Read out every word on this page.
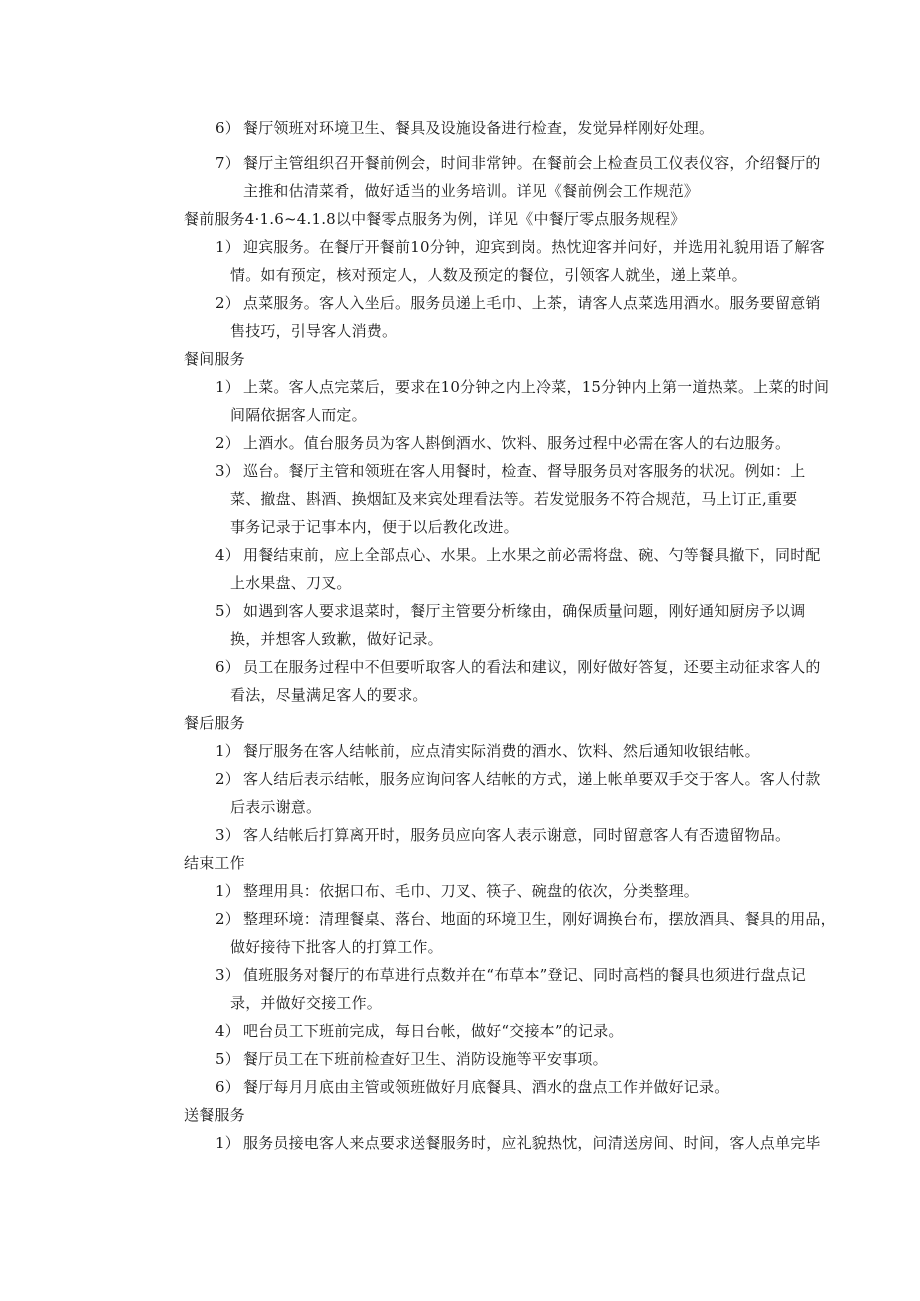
6） 餐厅领班对环境卫生、餐具及设施设备进行检查，发觉异样刚好处理。
7） 餐厅主管组织召开餐前例会，时间非常钟。在餐前会上检查员工仪表仪容，介绍餐厅的
主推和估清菜肴，做好适当的业务培训。详见《餐前例会工作规范》
餐前服务4·1.6~4.1.8以中餐零点服务为例，详见《中餐厅零点服务规程》
1） 迎宾服务。在餐厅开餐前10分钟，迎宾到岗。热忱迎客并问好，并选用礼貌用语了解客
情。如有预定，核对预定人，人数及预定的餐位，引领客人就坐，递上菜单。
2） 点菜服务。客人入坐后。服务员递上毛巾、上茶，请客人点菜选用酒水。服务要留意销
售技巧，引导客人消费。
餐间服务
1） 上菜。客人点完菜后，要求在10分钟之内上冷菜，15分钟内上第一道热菜。上菜的时间
间隔依据客人而定。
2） 上酒水。值台服务员为客人斟倒酒水、饮料、服务过程中必需在客人的右边服务。
3） 巡台。餐厅主管和领班在客人用餐时，检查、督导服务员对客服务的状况。例如：上
菜、撤盘、斟酒、换烟缸及来宾处理看法等。若发觉服务不符合规范，马上订正,重要
事务记录于记事本内，便于以后教化改进。
4） 用餐结束前，应上全部点心、水果。上水果之前必需将盘、碗、勺等餐具撤下，同时配
上水果盘、刀叉。
5） 如遇到客人要求退菜时，餐厅主管要分析缘由，确保质量问题，刚好通知厨房予以调
换，并想客人致歉，做好记录。
6） 员工在服务过程中不但要听取客人的看法和建议，刚好做好答复，还要主动征求客人的
看法，尽量满足客人的要求。
餐后服务
1） 餐厅服务在客人结帐前，应点清实际消费的酒水、饮料、然后通知收银结帐。
2） 客人结后表示结帐，服务应询问客人结帐的方式，递上帐单要双手交于客人。客人付款
后表示谢意。
3） 客人结帐后打算离开时，服务员应向客人表示谢意，同时留意客人有否遗留物品。
结束工作
1） 整理用具：依据口布、毛巾、刀叉、筷子、碗盘的依次，分类整理。
2） 整理环境：清理餐桌、落台、地面的环境卫生，刚好调换台布，摆放酒具、餐具的用品，
做好接待下批客人的打算工作。
3） 值班服务对餐厅的布草进行点数并在“布草本”登记、同时高档的餐具也须进行盘点记
录，并做好交接工作。
4） 吧台员工下班前完成，每日台帐，做好“交接本”的记录。
5） 餐厅员工在下班前检查好卫生、消防设施等平安事项。
6） 餐厅每月月底由主管或领班做好月底餐具、酒水的盘点工作并做好记录。
送餐服务
1） 服务员接电客人来点要求送餐服务时，应礼貌热忱，问清送房间、时间，客人点单完毕
